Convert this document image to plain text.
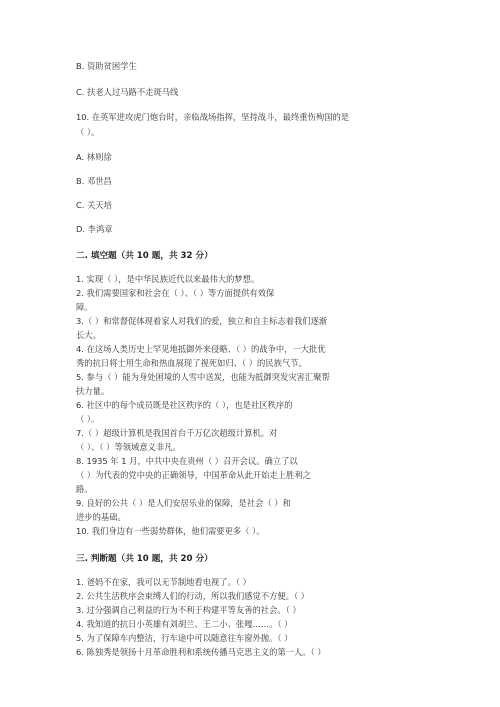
B. 资助贫困学生
C. 扶老人过马路不走斑马线
10. 在英军进攻虎门炮台时，亲临战场指挥，坚持战斗，最终重伤殉国的是
（ ）。
A. 林则徐
B. 邓世昌
C. 关天培
D. 李鸿章
二. 填空题（共 10 题，共 32 分）
1. 实现（ ），是中华民族近代以来最伟大的梦想。
2. 我们需要国家和社会在（ ）、（ ）等方面提供有效保
障。
3.（ ）和常督促体现着家人对我们的爱，独立和自主标志着我们逐渐
长大。
4. 在这场人类历史上罕见地抵御外来侵略、（ ）的战争中，一大批优
秀的抗日将士用生命和热血展现了视死如归、（ ）的民族气节。
5. 参与（ ）能为身处困境的人雪中送炭，也能为抵御突发灾害汇聚帮
扶力量。
6. 社区中的每个成员既是社区秩序的（ ），也是社区秩序的
（ ）。
7.（ ）超级计算机是我国首台千万亿次超级计算机。对
（ ）、（ ）等领域意义非凡。
8. 1935 年 1 月，中共中央在贵州（ ）召开会议。确立了以
（ ）为代表的党中央的正确领导，中国革命从此开始走上胜利之
路。
9. 良好的公共（ ）是人们安居乐业的保障，是社会（ ）和
进步的基础。
10. 我们身边有一些弱势群体，他们需要更多（ ）。
三. 判断题（共 10 题，共 20 分）
1. 爸妈不在家，我可以无节制地看电视了。（ ）
2. 公共生活秩序会束缚人们的行动，所以我们感觉不方便。（ ）
3. 过分强调自己利益的行为不利于构建平等友善的社会。（ ）
4. 我知道的抗日小英雄有刘胡兰、王二小、张嘎……。（ ）
5. 为了保障车内整洁，行车途中可以随意往车窗外抛。（ ）
6. 陈独秀是领扬十月革命胜利和系统传播马克思主义的第一人。（ ）
